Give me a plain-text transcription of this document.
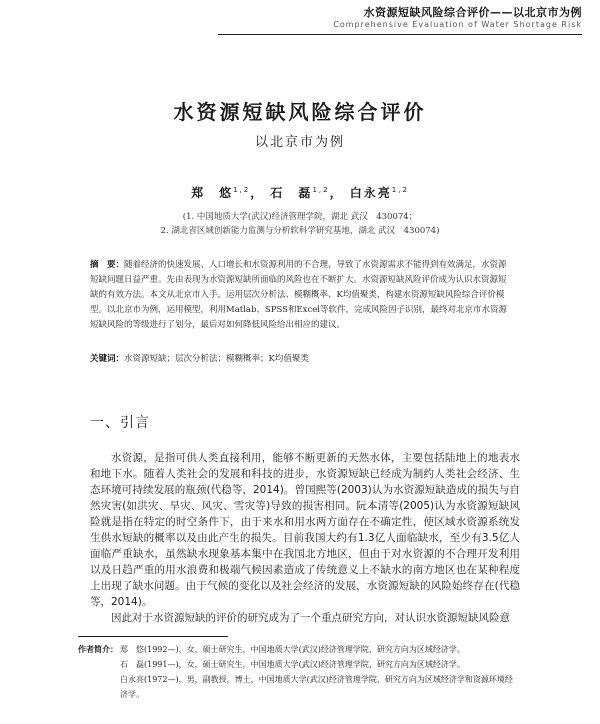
水资源短缺风险综合评价——以北京市为例
Comprehensive Evaluation of Water Shortage Risk
水资源短缺风险综合评价
以北京市为例
郑　悠$^{1,2}$， 石　磊$^{1,2}$， 白永亮$^{1,2}$
(1. 中国地质大学(武汉)经济管理学院，湖北 武汉　430074；
2. 湖北省区域创新能力监测与分析软科学研究基地，湖北 武汉　430074)
摘　要：随着经济的快速发展、人口增长和水资源利用的不合理，导致了水资源需求不能得到有效满足，水资源短缺问题日益严重。先由表现为水资源短缺所面临的风险也在不断扩大。水资源短缺风险评价成为认识水资源短缺的有效方法。本文从北京市入手，运用层次分析法、模糊概率、K均值聚类，构建水资源短缺风险综合评价模型。以北京市为例，运用模型，利用Matlab、SPSS和Excel等软件，完成风险因子识别，最终对北京市水资源短缺风险的等级进行了划分，最后对如何降低风险给出相应的建议。
关键词：水资源短缺；层次分析法；模糊概率；K均值聚类
一、引言

水资源，是指可供人类直接利用，能够不断更新的天然水体，主要包括陆地上的地表水和地下水。随着人类社会的发展和科技的进步，水资源短缺已经成为制约人类社会经济、生态环境可持续发展的瓶颈(代稳等，2014)。曾国熙等(2003)认为水资源短缺造成的损失与自然灾害(如洪灾、旱灾、风灾、雪灾等)导致的损害相同。阮本清等(2005)认为水资源短缺风险就是指在特定的时空条件下，由于来水和用水两方面存在不确定性，使区域水资源系统发生供水短缺的概率以及由此产生的损失。目前我国大约有1.3亿人面临缺水，至少有3.5亿人面临严重缺水，虽然缺水现象基本集中在我国北方地区，但由于对水资源的不合理开发利用以及日趋严重的用水浪费和极端气候因素造成了传统意义上不缺水的南方地区也在某种程度上出现了缺水问题。由于气候的变化以及社会经济的发展，水资源短缺的风险始终存在(代稳等，2014)。

因此对于水资源短缺的评价的研究成为了一个重点研究方向，对认识水资源短缺风险意

作者简介： 郑　悠(1992—)，女，硕士研究生，中国地质大学(武汉)经济管理学院，研究方向为区域经济学。
石　磊(1991—)，女，硕士研究生，中国地质大学(武汉)经济管理学院，研究方向为区域经济学。
白永亮(1972—)，男，副教授，博士，中国地质大学(武汉)经济管理学院，研究方向为区域经济学和资源环境经济学。
